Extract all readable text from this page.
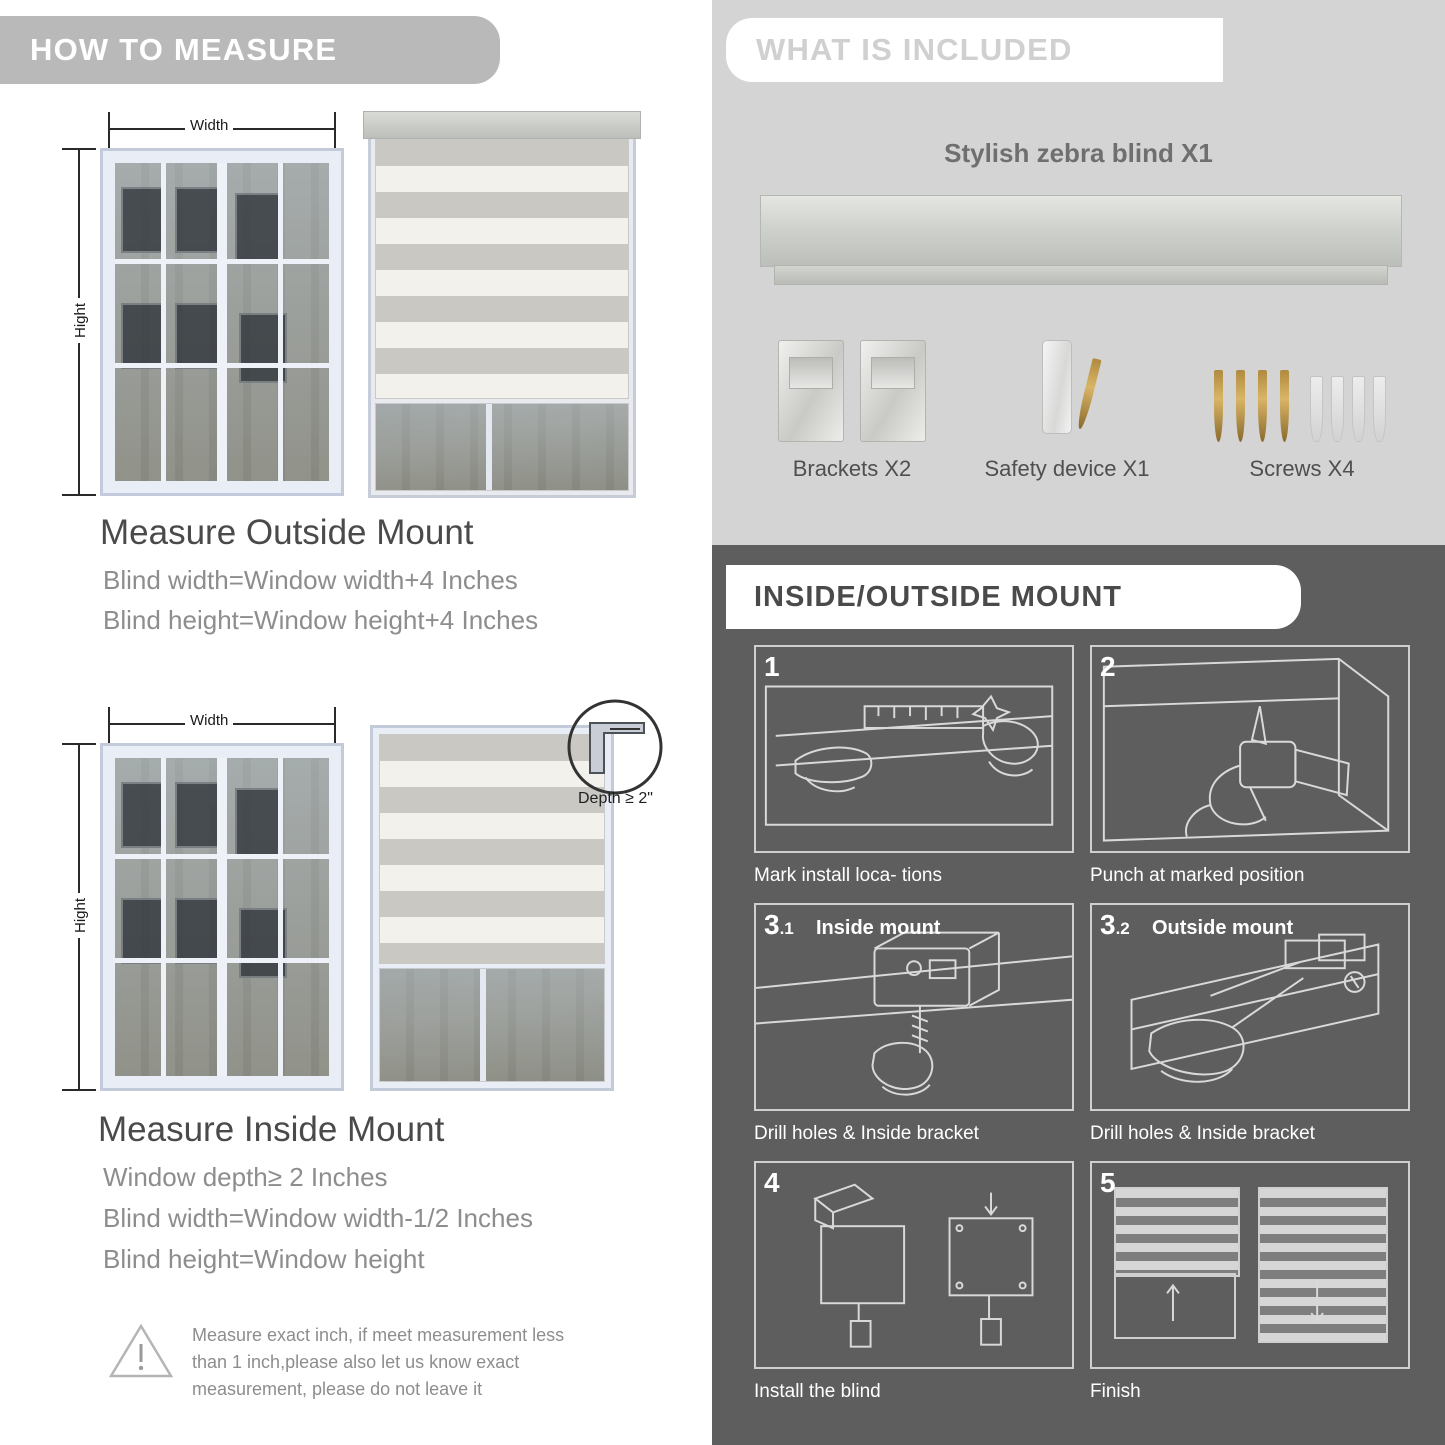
HOW TO MEASURE
Width
Hight
Measure Outside Mount
Blind width=Window width+4 Inches
Blind height=Window height+4 Inches
Width
Hight
Depth ≥ 2"
Measure Inside Mount
Window depth≥ 2 Inches
Blind width=Window width-1/2 Inches
Blind height=Window height
Measure exact inch, if meet measurement less
than 1 inch,please also let us know exact
measurement, please do not leave it
WHAT IS INCLUDED
Stylish zebra blind X1
Brackets X2	Safety device X1	Screws X4
INSIDE/OUTSIDE MOUNT
1
Mark install loca- tions
2
Punch at marked position
3.1 Inside mount
Drill holes & Inside bracket
3.2 Outside mount
Drill holes & Inside bracket
4
Install the blind
5
Finish
